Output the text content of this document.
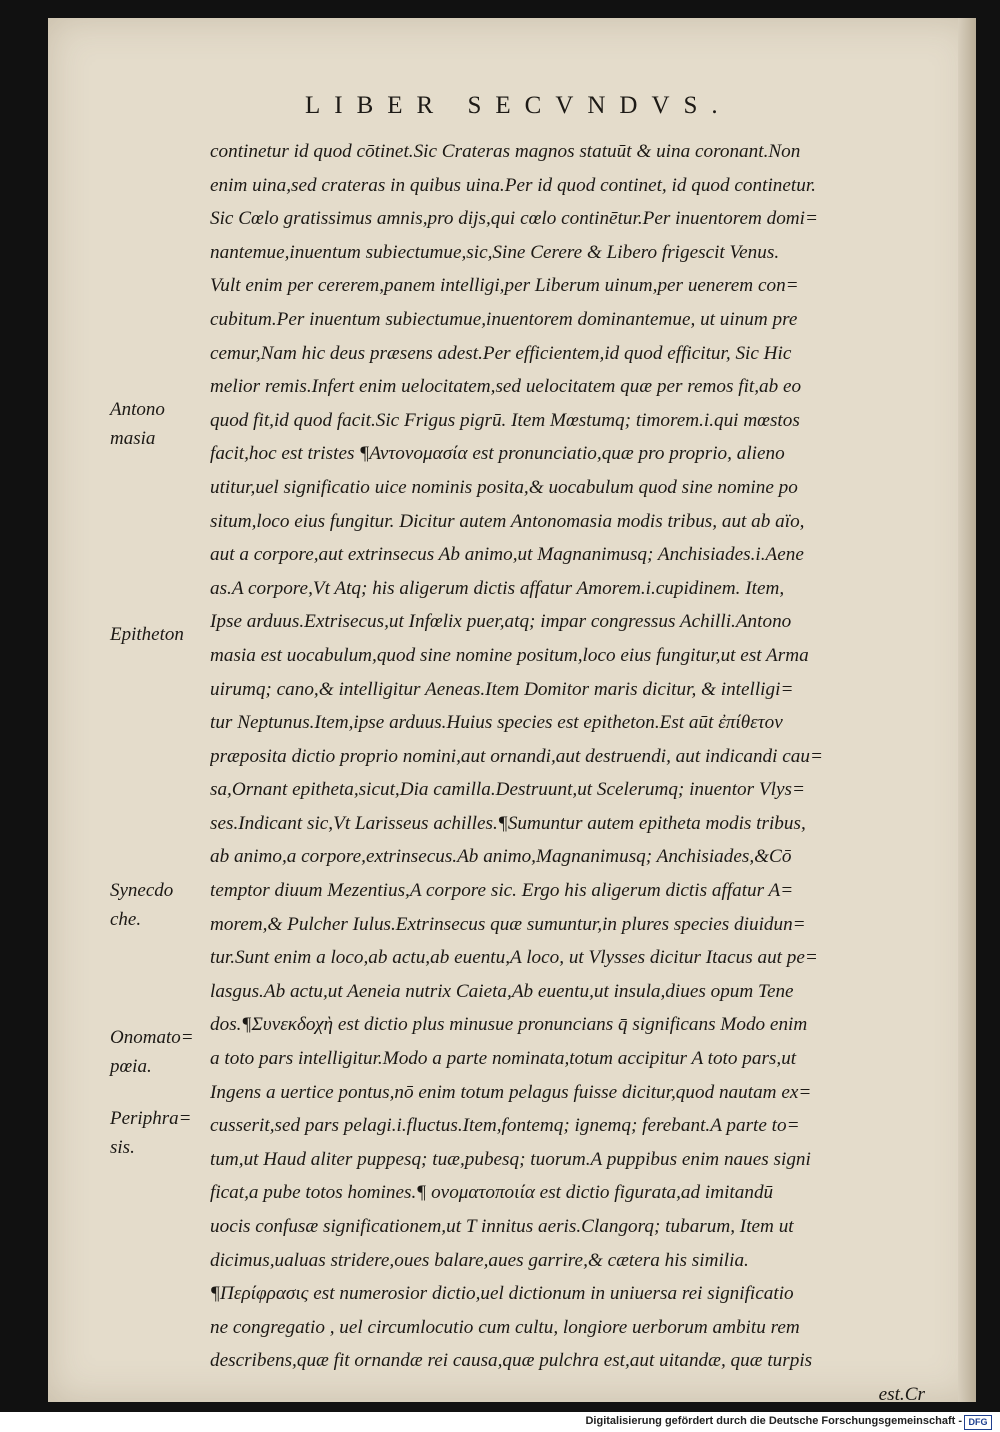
LIBER SECVNDVS.
continetur id quod cōtinet.Sic Crateras magnos statuūt & uina coronant.Non
enim uina,sed crateras in quibus uina.Per id quod continet, id quod continetur.
Sic Cœlo gratissimus amnis,pro dijs,qui cœlo continētur.Per inuentorem domi=
nantemue,inuentum subiectumue,sic,Sine Cerere & Libero frigescit Venus.
Vult enim per cererem,panem intelligi,per Liberum uinum,per uenerem con=
cubitum.Per inuentum subiectumue,inuentorem dominantemue, ut uinum pre
cemur,Nam hic deus præsens adest.Per efficientem,id quod efficitur, Sic Hic
melior remis.Infert enim uelocitatem,sed uelocitatem quæ per remos fit,ab eo
quod fit,id quod facit.Sic Frigus pigrū. Item Mœstumq; timorem.i.qui mœstos
facit,hoc est tristes ¶Αντονομασία est pronunciatio,quæ pro proprio, alieno
utitur,uel significatio uice nominis posita,& uocabulum quod sine nomine po
situm,loco eius fungitur. Dicitur autem Antonomasia modis tribus, aut ab aïo,
aut a corpore,aut extrinsecus Ab animo,ut Magnanimusq; Anchisiades.i.Aene
as.A corpore,Vt Atq; his aligerum dictis affatur Amorem.i.cupidinem. Item,
Ipse arduus.Extrisecus,ut Infœlix puer,atq; impar congressus Achilli.Antono
masia est uocabulum,quod sine nomine positum,loco eius fungitur,ut est Arma
uirumq; cano,& intelligitur Aeneas.Item Domitor maris dicitur, & intelligi=
tur Neptunus.Item,ipse arduus.Huius species est epitheton.Est aūt ἐπίθετον
præposita dictio proprio nomini,aut ornandi,aut destruendi, aut indicandi cau=
sa,Ornant epitheta,sicut,Dia camilla.Destruunt,ut Scelerumq; inuentor Vlys=
ses.Indicant sic,Vt Larisseus achilles.¶Sumuntur autem epitheta modis tribus,
ab animo,a corpore,extrinsecus.Ab animo,Magnanimusq; Anchisiades,&Cō
temptor diuum Mezentius,A corpore sic. Ergo his aligerum dictis affatur A=
morem,& Pulcher Iulus.Extrinsecus quæ sumuntur,in plures species diuidun=
tur.Sunt enim a loco,ab actu,ab euentu,A loco, ut Vlysses dicitur Itacus aut pe=
lasgus.Ab actu,ut Aeneia nutrix Caieta,Ab euentu,ut insula,diues opum Tene
dos.¶Συνεκδοχὴ est dictio plus minusue pronuncians q̄ significans Modo enim
a toto pars intelligitur.Modo a parte nominata,totum accipitur A toto pars,ut
Ingens a uertice pontus,nō enim totum pelagus fuisse dicitur,quod nautam ex=
cusserit,sed pars pelagi.i.fluctus.Item,fontemq; ignemq; ferebant.A parte to=
tum,ut Haud aliter puppesq; tuæ,pubesq; tuorum.A puppibus enim naues signi
ficat,a pube totos homines.¶ ονοματοποιία est dictio figurata,ad imitandū
uocis confusæ significationem,ut T innitus aeris.Clangorq; tubarum, Item ut
dicimus,ualuas stridere,oues balare,aues garrire,& cætera his similia.
¶Περίφρασις est numerosior dictio,uel dictionum in uniuersa rei significatio
ne congregatio , uel circumlocutio cum cultu, longiore uerborum ambitu rem
describens,quæ fit ornandæ rei causa,quæ pulchra est,aut uitandæ, quæ turpis
est.Cr
Antono masia
Epitheton
Synecdo che.
Onomato= pœia.
Periphra= sis.
Digitalisierung gefördert durch die Deutsche Forschungsgemeinschaft - DFG
